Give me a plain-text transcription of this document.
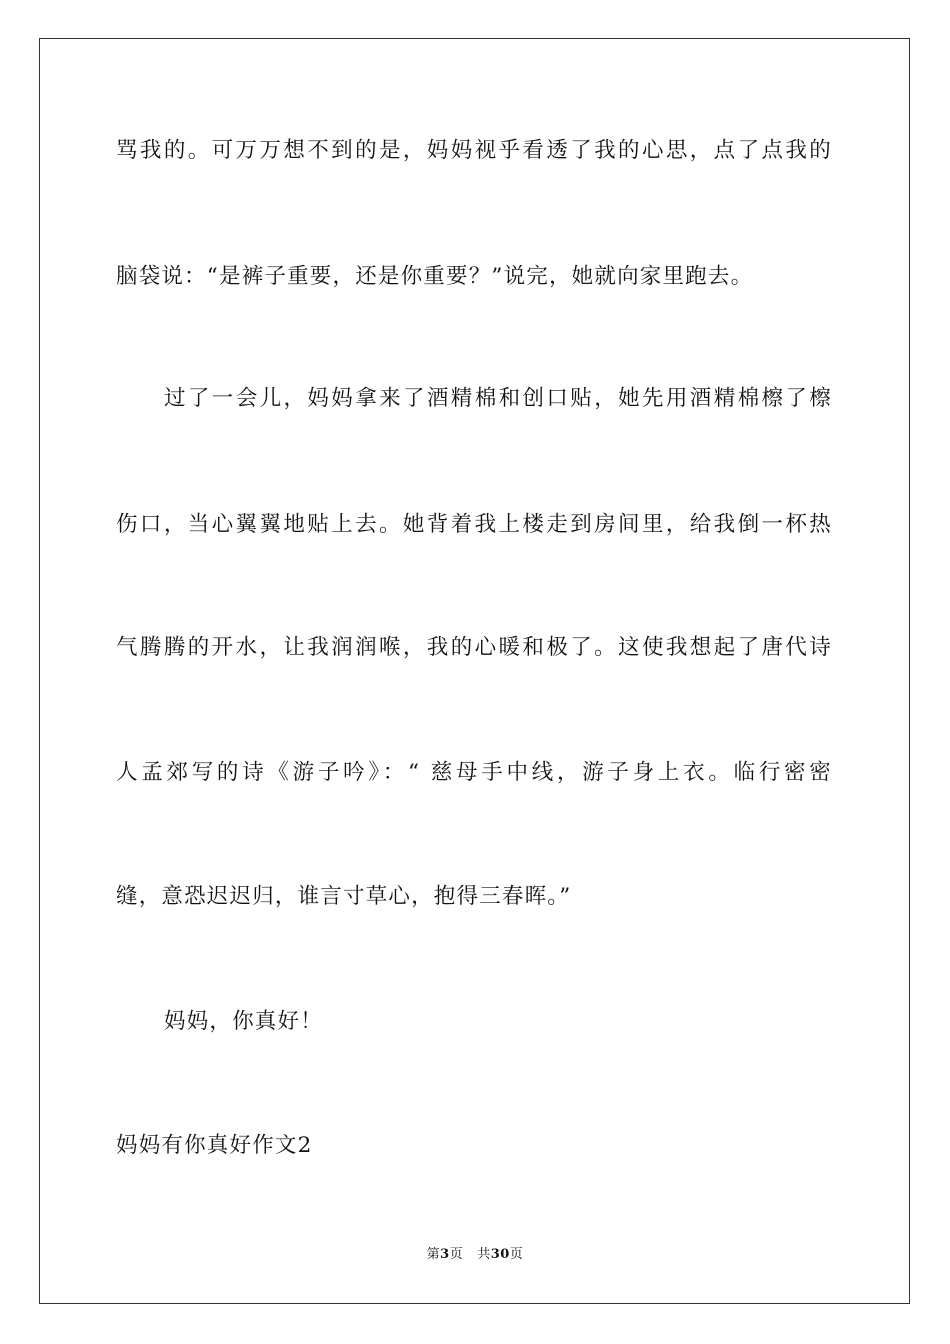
骂我的。可万万想不到的是，妈妈视乎看透了我的心思，点了点我的
脑袋说：“是裤子重要，还是你重要？”说完，她就向家里跑去。
过了一会儿，妈妈拿来了酒精棉和创口贴，她先用酒精棉檫了檫
伤口，当心翼翼地贴上去。她背着我上楼走到房间里，给我倒一杯热
气腾腾的开水，让我润润喉，我的心暖和极了。这使我想起了唐代诗
人孟郊写的诗《游子吟》：“ 慈母手中线，游子身上衣。临行密密
缝，意恐迟迟归，谁言寸草心，抱得三春晖。”
妈妈，你真好！
妈妈有你真好作文2
第3页 共30页
